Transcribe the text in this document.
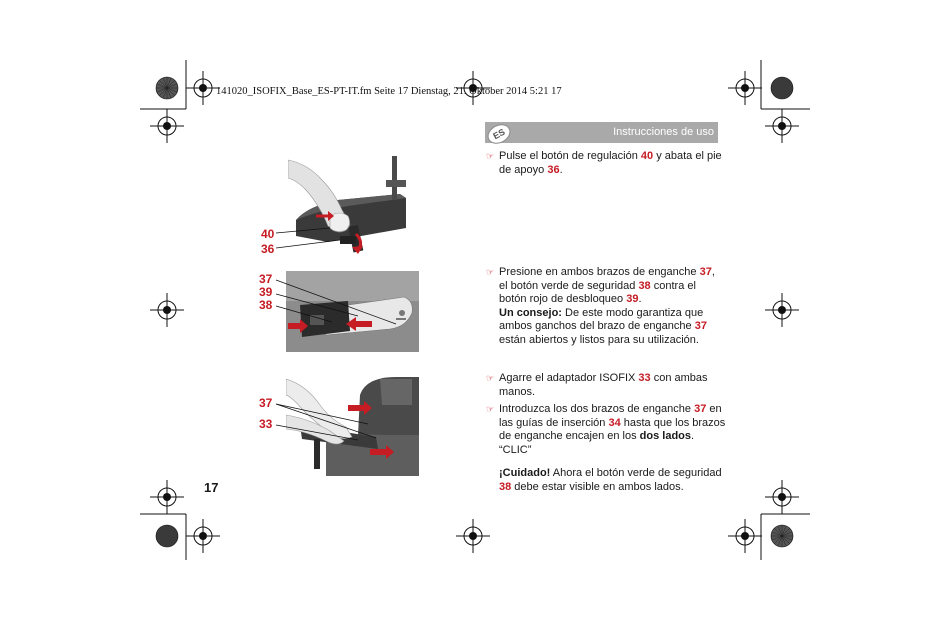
141020_ISOFIX_Base_ES-PT-IT.fm Seite 17 Dienstag, 21. Oktober 2014 5:21 17
ES	Instrucciones de uso
40
36
37
39
38
37
33
☞ Pulse el botón de regulación 40 y abata el pie de apoyo 36.
☞ Presione en ambos brazos de enganche 37, el botón verde de seguridad 38 contra el botón rojo de desbloqueo 39.
Un consejo: De este modo garantiza que ambos ganchos del brazo de enganche 37 están abiertos y listos para su utilización.
☞ Agarre el adaptador ISOFIX 33 con ambas manos.
☞ Introduzca los dos brazos de enganche 37 en las guías de inserción 34 hasta que los brazos de enganche encajen en los dos lados. “CLIC”
¡Cuidado! Ahora el botón verde de seguridad 38 debe estar visible en ambos lados.
17
